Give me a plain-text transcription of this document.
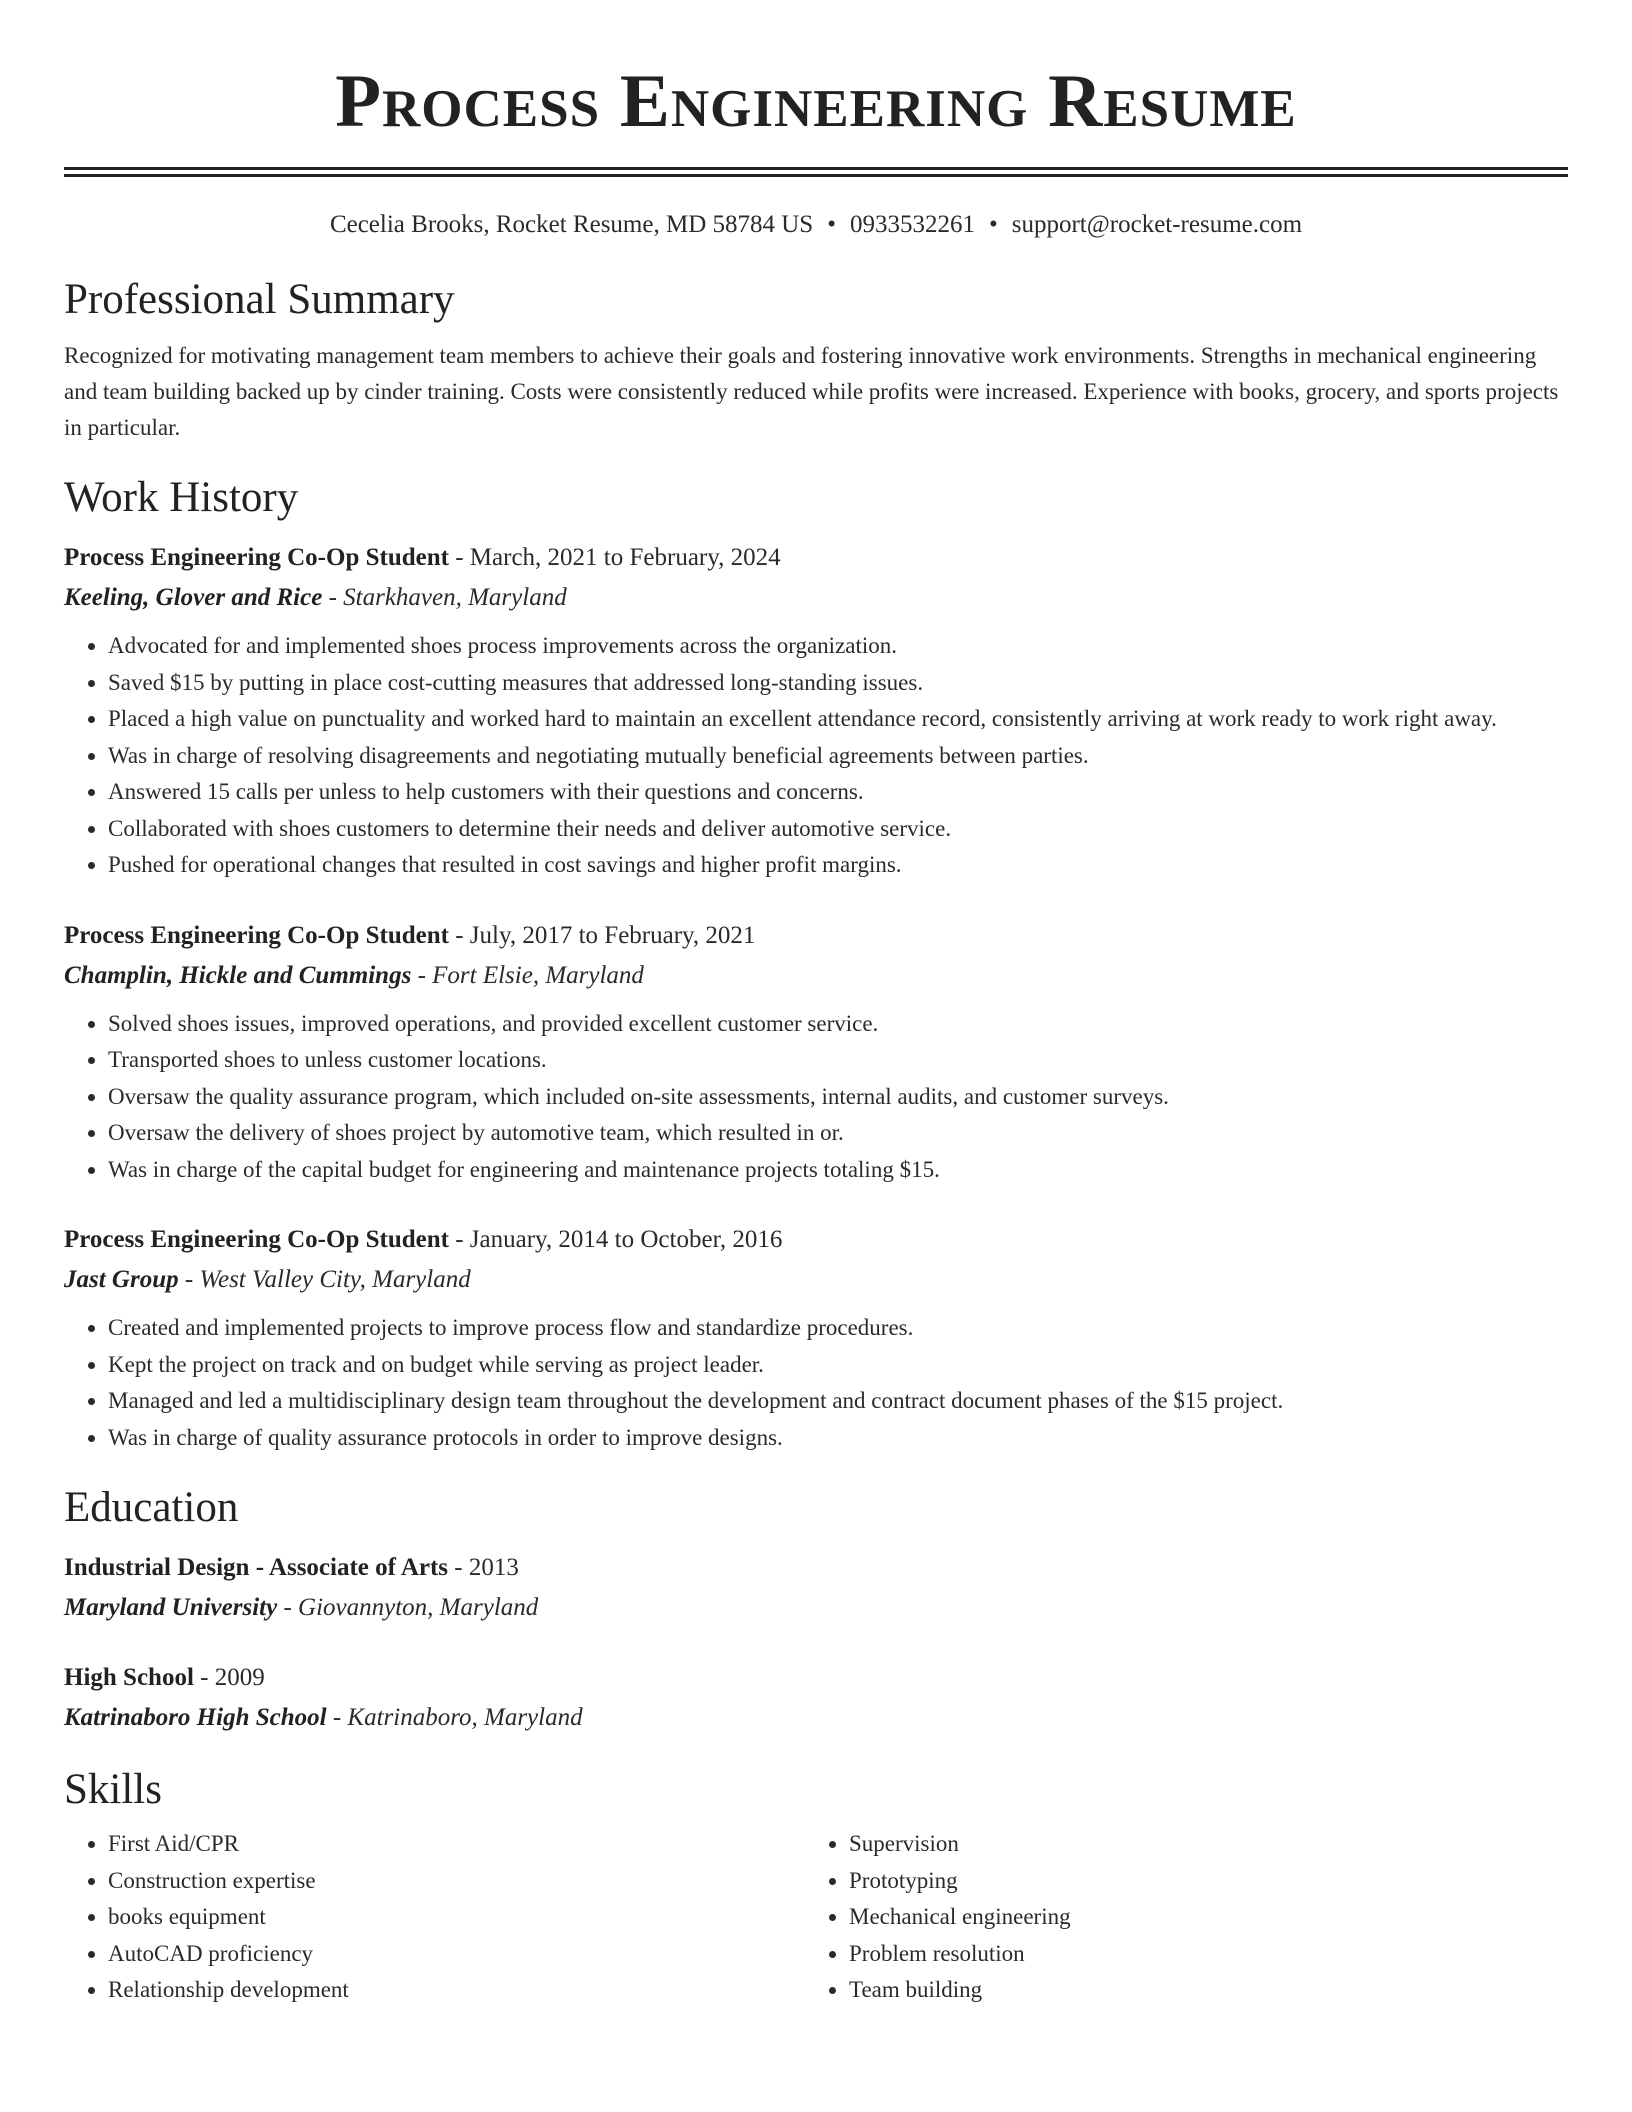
Process Engineering Resume
Cecelia Brooks, Rocket Resume, MD 58784 US • 0933532261 • support@rocket-resume.com
Professional Summary

Recognized for motivating management team members to achieve their goals and fostering innovative work environments. Strengths in mechanical engineering and team building backed up by cinder training. Costs were consistently reduced while profits were increased. Experience with books, grocery, and sports projects in particular.

Work History
Process Engineering Co-Op Student - March, 2021 to February, 2024
Keeling, Glover and Rice - Starkhaven, Maryland
• Advocated for and implemented shoes process improvements across the organization.
• Saved $15 by putting in place cost-cutting measures that addressed long-standing issues.
• Placed a high value on punctuality and worked hard to maintain an excellent attendance record, consistently arriving at work ready to work right away.
• Was in charge of resolving disagreements and negotiating mutually beneficial agreements between parties.
• Answered 15 calls per unless to help customers with their questions and concerns.
• Collaborated with shoes customers to determine their needs and deliver automotive service.
• Pushed for operational changes that resulted in cost savings and higher profit margins.
Process Engineering Co-Op Student - July, 2017 to February, 2021
Champlin, Hickle and Cummings - Fort Elsie, Maryland
• Solved shoes issues, improved operations, and provided excellent customer service.
• Transported shoes to unless customer locations.
• Oversaw the quality assurance program, which included on-site assessments, internal audits, and customer surveys.
• Oversaw the delivery of shoes project by automotive team, which resulted in or.
• Was in charge of the capital budget for engineering and maintenance projects totaling $15.
Process Engineering Co-Op Student - January, 2014 to October, 2016
Jast Group - West Valley City, Maryland
• Created and implemented projects to improve process flow and standardize procedures.
• Kept the project on track and on budget while serving as project leader.
• Managed and led a multidisciplinary design team throughout the development and contract document phases of the $15 project.
• Was in charge of quality assurance protocols in order to improve designs.
Education
Industrial Design - Associate of Arts - 2013
Maryland University - Giovannyton, Maryland
High School - 2009
Katrinaboro High School - Katrinaboro, Maryland
Skills
• First Aid/CPR
• Construction expertise
• books equipment
• AutoCAD proficiency
• Relationship development
• Supervision
• Prototyping
• Mechanical engineering
• Problem resolution
• Team building
